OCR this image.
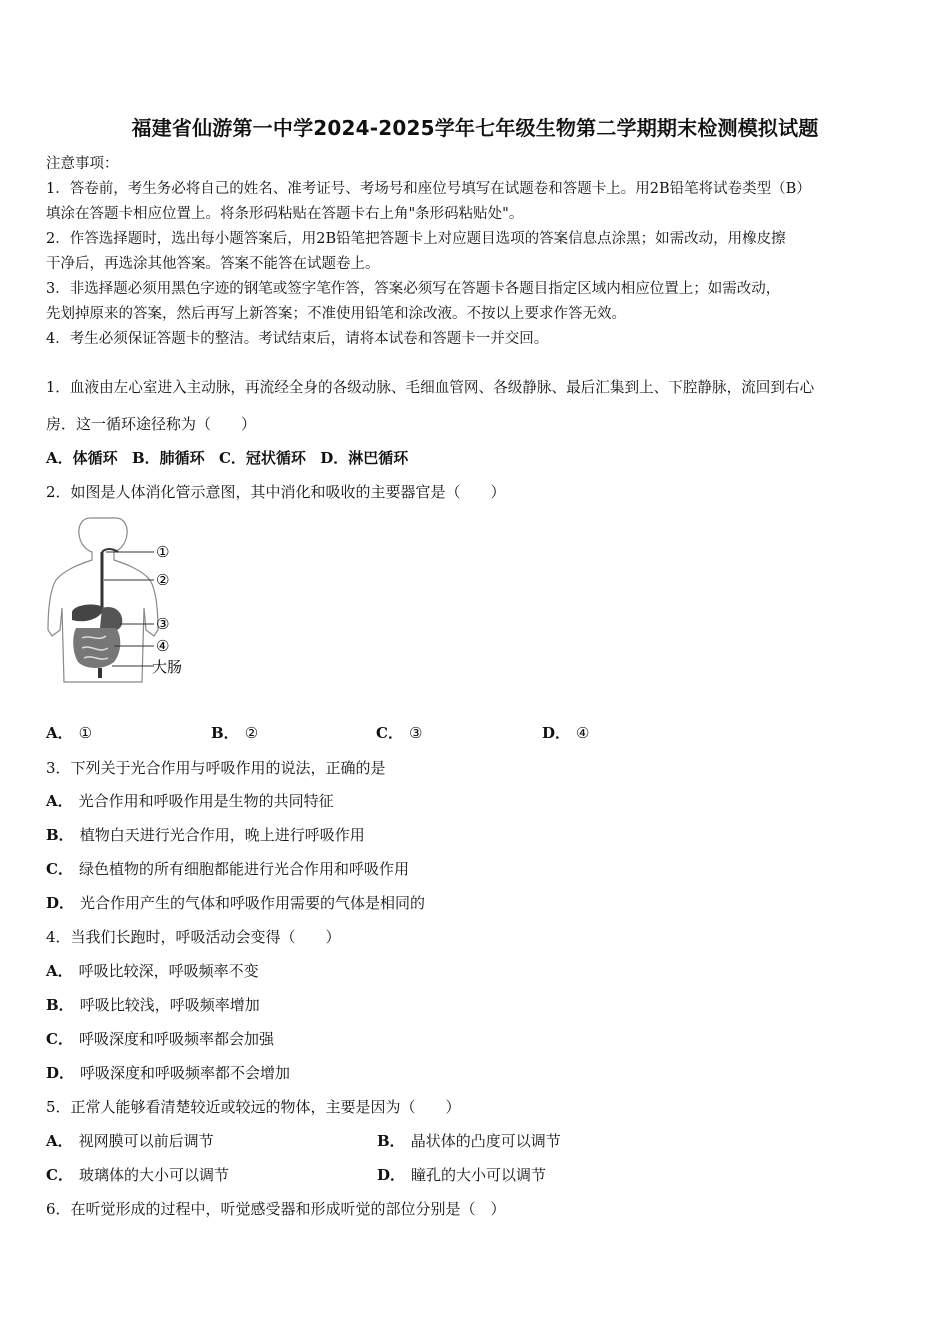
福建省仙游第一中学2024-2025学年七年级生物第二学期期末检测模拟试题
注意事项：
1．答卷前，考生务必将自己的姓名、准考证号、考场号和座位号填写在试题卷和答题卡上。用2B铅笔将试卷类型（B）
填涂在答题卡相应位置上。将条形码粘贴在答题卡右上角"条形码粘贴处"。
2．作答选择题时，选出每小题答案后，用2B铅笔把答题卡上对应题目选项的答案信息点涂黑；如需改动，用橡皮擦
干净后，再选涂其他答案。答案不能答在试题卷上。
3．非选择题必须用黑色字迹的钢笔或签字笔作答，答案必须写在答题卡各题目指定区域内相应位置上；如需改动，
先划掉原来的答案，然后再写上新答案；不准使用铅笔和涂改液。不按以上要求作答无效。
4．考生必须保证答题卡的整洁。考试结束后，请将本试卷和答题卡一并交回。
1．血液由左心室进入主动脉，再流经全身的各级动脉、毛细血管网、各级静脉、最后汇集到上、下腔静脉，流回到右心
房．这一循环途径称为（　　）
A．体循环 B．肺循环 C．冠状循环 D．淋巴循环
2．如图是人体消化管示意图，其中消化和吸收的主要器官是（　　）
①
②
③
④
大肠
A． ①	B． ②	C． ③	D． ④
3．下列关于光合作用与呼吸作用的说法，正确的是
A． 光合作用和呼吸作用是生物的共同特征
B． 植物白天进行光合作用，晚上进行呼吸作用
C． 绿色植物的所有细胞都能进行光合作用和呼吸作用
D． 光合作用产生的气体和呼吸作用需要的气体是相同的
4．当我们长跑时，呼吸活动会变得（　　）
A． 呼吸比较深，呼吸频率不变
B． 呼吸比较浅，呼吸频率增加
C． 呼吸深度和呼吸频率都会加强
D． 呼吸深度和呼吸频率都不会增加
5．正常人能够看清楚较近或较远的物体，主要是因为（　　）
A． 视网膜可以前后调节	B． 晶状体的凸度可以调节
C． 玻璃体的大小可以调节	D． 瞳孔的大小可以调节
6．在听觉形成的过程中，听觉感受器和形成听觉的部位分别是（　）
